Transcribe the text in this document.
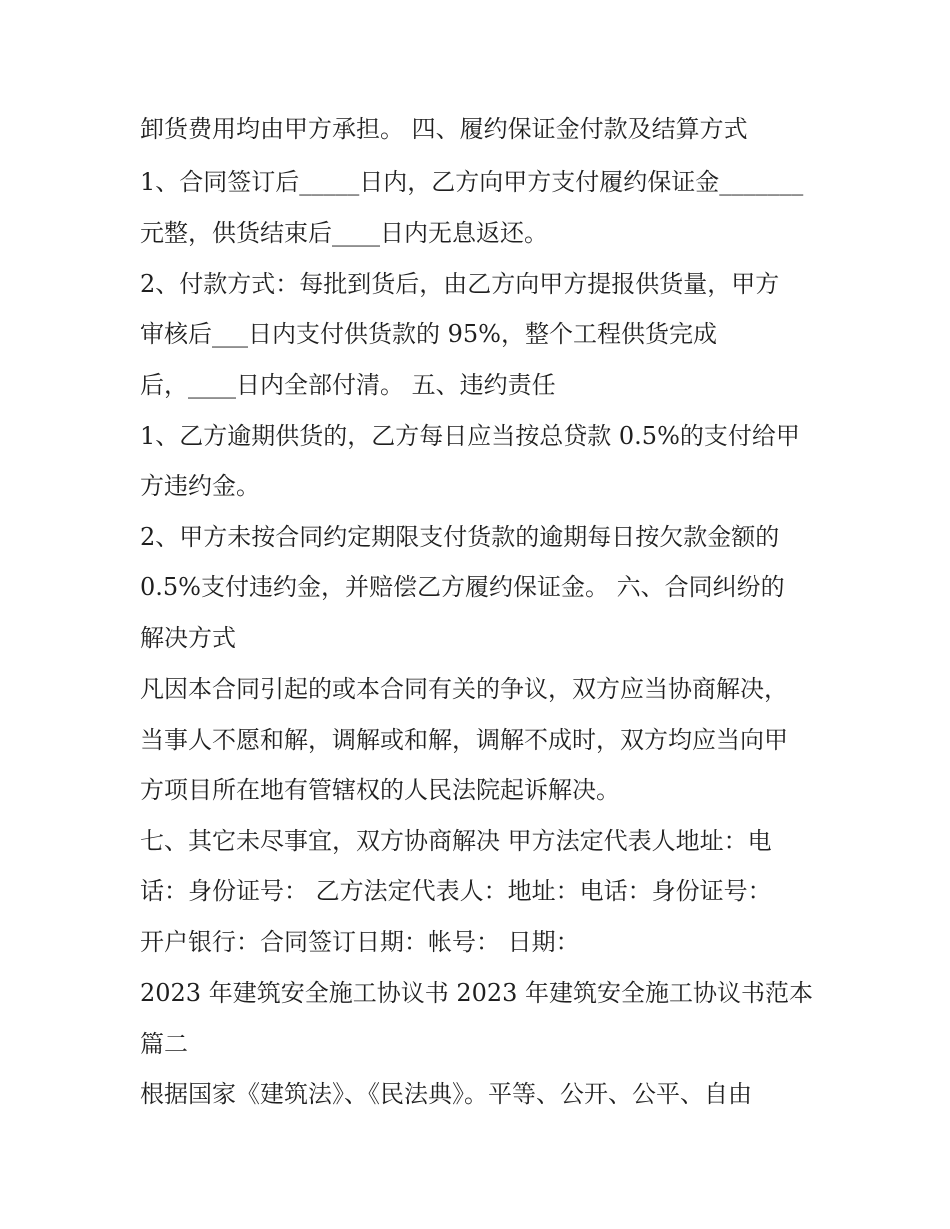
卸货费用均由甲方承担。 四、履约保证金付款及结算方式
1、合同签订后_____日内，乙方向甲方支付履约保证金_______
元整，供货结束后____日内无息返还。
2、付款方式：每批到货后，由乙方向甲方提报供货量，甲方
审核后___日内支付供货款的 95%，整个工程供货完成
后，____日内全部付清。 五、违约责任
1、乙方逾期供货的，乙方每日应当按总贷款 0.5%的支付给甲
方违约金。
2、甲方未按合同约定期限支付货款的逾期每日按欠款金额的
0.5%支付违约金，并赔偿乙方履约保证金。 六、合同纠纷的
解决方式
凡因本合同引起的或本合同有关的争议，双方应当协商解决，
当事人不愿和解，调解或和解，调解不成时，双方均应当向甲
方项目所在地有管辖权的人民法院起诉解决。
七、其它未尽事宜，双方协商解决 甲方法定代表人地址：电
话：身份证号： 乙方法定代表人：地址：电话：身份证号：
开户银行：合同签订日期：帐号： 日期：
2023 年建筑安全施工协议书 2023 年建筑安全施工协议书范本
篇二
根据国家《建筑法》、《民法典》。平等、公开、公平、自由
